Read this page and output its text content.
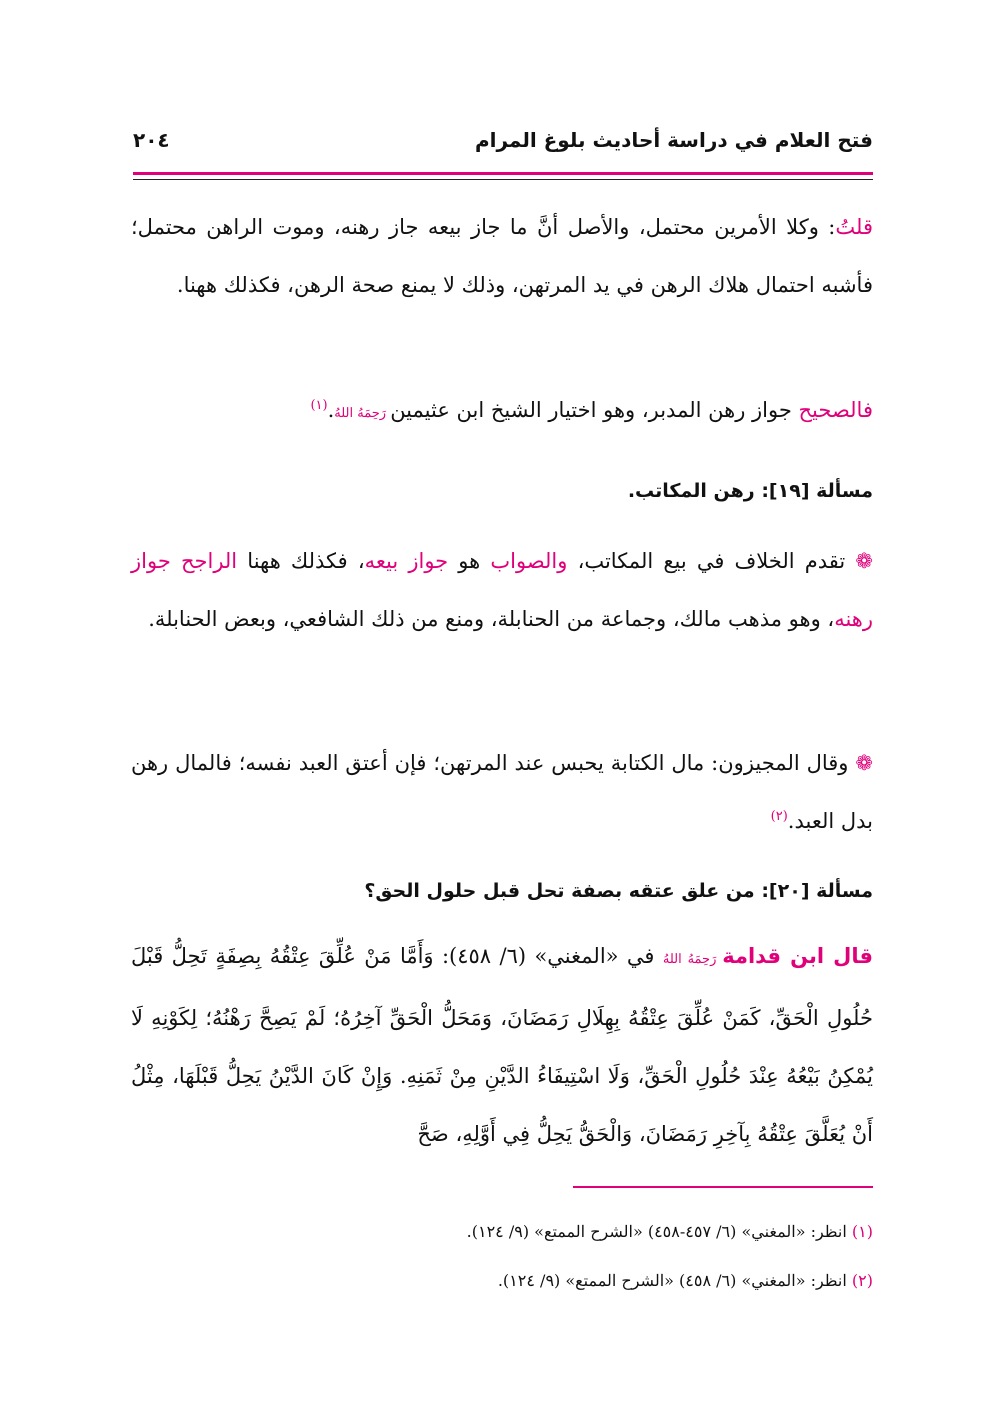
فتح العلام في دراسة أحاديث بلوغ المرام
٢٠٤

قلتُ: وكلا الأمرين محتمل، والأصل أنَّ ما جاز بيعه جاز رهنه، وموت الراهن محتمل؛ فأشبه احتمال هلاك الرهن في يد المرتهن، وذلك لا يمنع صحة الرهن، فكذلك ههنا.

فالصحيح جواز رهن المدبر، وهو اختيار الشيخ ابن عثيمين رَحِمَهُ اللهُ.$^{(١)}$

مسألة [١٩]: رهن المكاتب.

❁ تقدم الخلاف في بيع المكاتب، والصواب هو جواز بيعه، فكذلك ههنا الراجح جواز رهنه، وهو مذهب مالك، وجماعة من الحنابلة، ومنع من ذلك الشافعي، وبعض الحنابلة.

❁ وقال المجيزون: مال الكتابة يحبس عند المرتهن؛ فإن أعتق العبد نفسه؛ فالمال رهن بدل العبد.$^{(٢)}$

مسألة [٢٠]: من علق عتقه بصفة تحل قبل حلول الحق؟

قال ابن قدامة رَحِمَهُ اللهُ في «المغني» (٦/ ٤٥٨): وَأَمَّا مَنْ عُلِّقَ عِتْقُهُ بِصِفَةٍ تَحِلُّ قَبْلَ حُلُولِ الْحَقِّ، كَمَنْ عُلِّقَ عِتْقُهُ بِهِلَالِ رَمَضَانَ، وَمَحَلُّ الْحَقِّ آخِرُهُ؛ لَمْ يَصِحَّ رَهْنُهُ؛ لِكَوْنِهِ لَا يُمْكِنُ بَيْعُهُ عِنْدَ حُلُولِ الْحَقِّ، وَلَا اسْتِيفَاءُ الدَّيْنِ مِنْ ثَمَنِهِ. وَإِنْ كَانَ الدَّيْنُ يَحِلُّ قَبْلَهَا، مِثْلُ أَنْ يُعَلَّقَ عِتْقُهُ بِآخِرِ رَمَضَانَ، وَالْحَقُّ يَحِلُّ فِي أَوَّلِهِ، صَحَّ

(١) انظر: «المغني» (٦/ ٤٥٧-٤٥٨) «الشرح الممتع» (٩/ ١٢٤).

(٢) انظر: «المغني» (٦/ ٤٥٨) «الشرح الممتع» (٩/ ١٢٤).
